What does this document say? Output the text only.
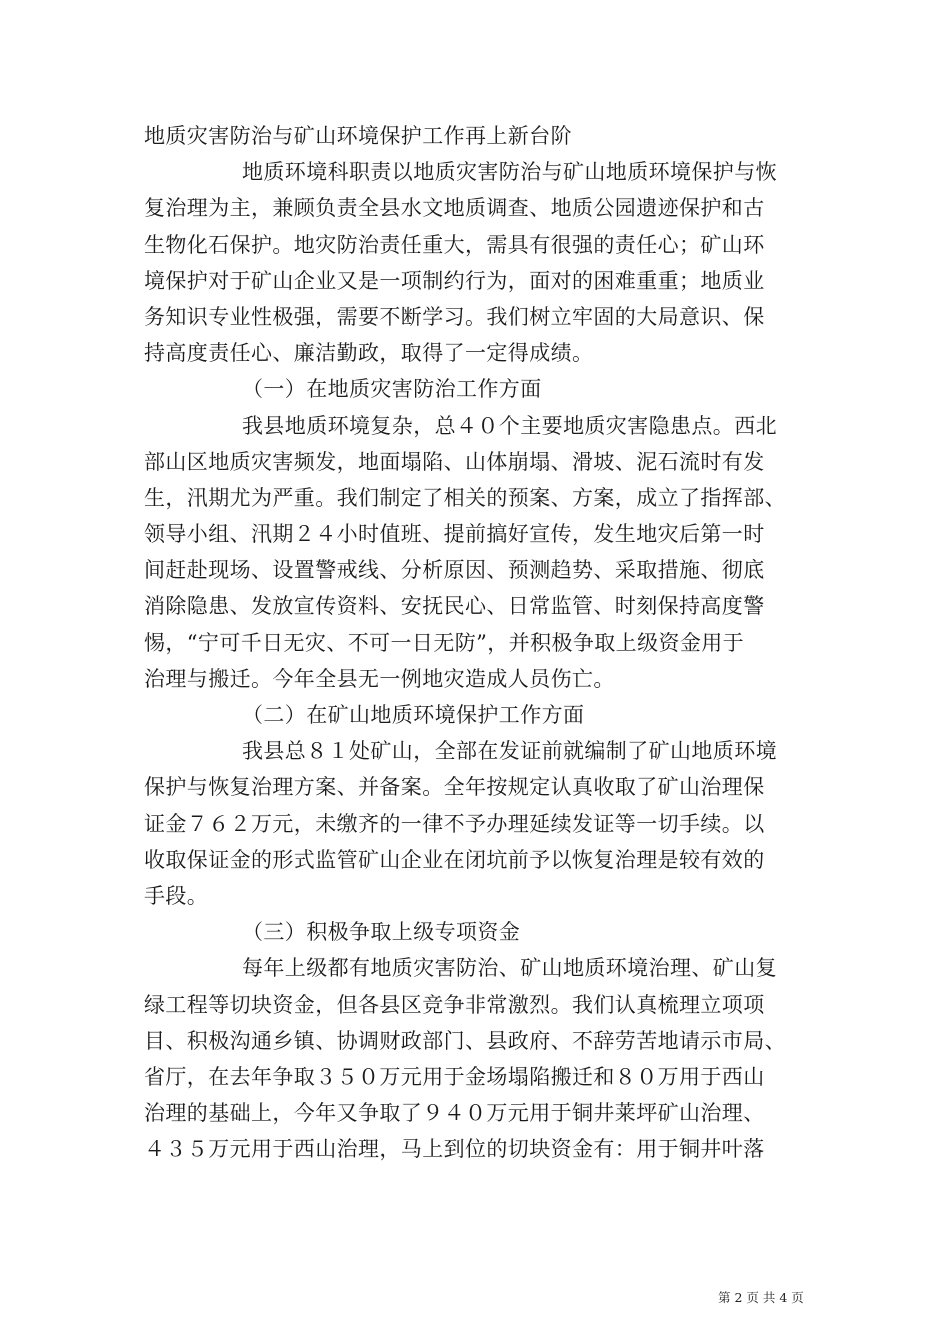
地质灾害防治与矿山环境保护工作再上新台阶
地质环境科职责以地质灾害防治与矿山地质环境保护与恢
复治理为主，兼顾负责全县水文地质调查、地质公园遗迹保护和古
生物化石保护。地灾防治责任重大，需具有很强的责任心；矿山环
境保护对于矿山企业又是一项制约行为，面对的困难重重；地质业
务知识专业性极强，需要不断学习。我们树立牢固的大局意识、保
持高度责任心、廉洁勤政，取得了一定得成绩。
（一）在地质灾害防治工作方面
我县地质环境复杂，总４０个主要地质灾害隐患点。西北
部山区地质灾害频发，地面塌陷、山体崩塌、滑坡、泥石流时有发
生，汛期尤为严重。我们制定了相关的预案、方案，成立了指挥部、
领导小组、汛期２４小时值班、提前搞好宣传，发生地灾后第一时
间赶赴现场、设置警戒线、分析原因、预测趋势、采取措施、彻底
消除隐患、发放宣传资料、安抚民心、日常监管、时刻保持高度警
惕，“宁可千日无灾、不可一日无防”，并积极争取上级资金用于
治理与搬迁。今年全县无一例地灾造成人员伤亡。
（二）在矿山地质环境保护工作方面
我县总８１处矿山，全部在发证前就编制了矿山地质环境
保护与恢复治理方案、并备案。全年按规定认真收取了矿山治理保
证金７６２万元，未缴齐的一律不予办理延续发证等一切手续。以
收取保证金的形式监管矿山企业在闭坑前予以恢复治理是较有效的
手段。
（三）积极争取上级专项资金
每年上级都有地质灾害防治、矿山地质环境治理、矿山复
绿工程等切块资金，但各县区竞争非常激烈。我们认真梳理立项项
目、积极沟通乡镇、协调财政部门、县政府、不辞劳苦地请示市局、
省厅，在去年争取３５０万元用于金场塌陷搬迁和８０万用于西山
治理的基础上，今年又争取了９４０万元用于铜井莱坪矿山治理、
４３５万元用于西山治理，马上到位的切块资金有：用于铜井叶落
第 2 页 共 4 页
